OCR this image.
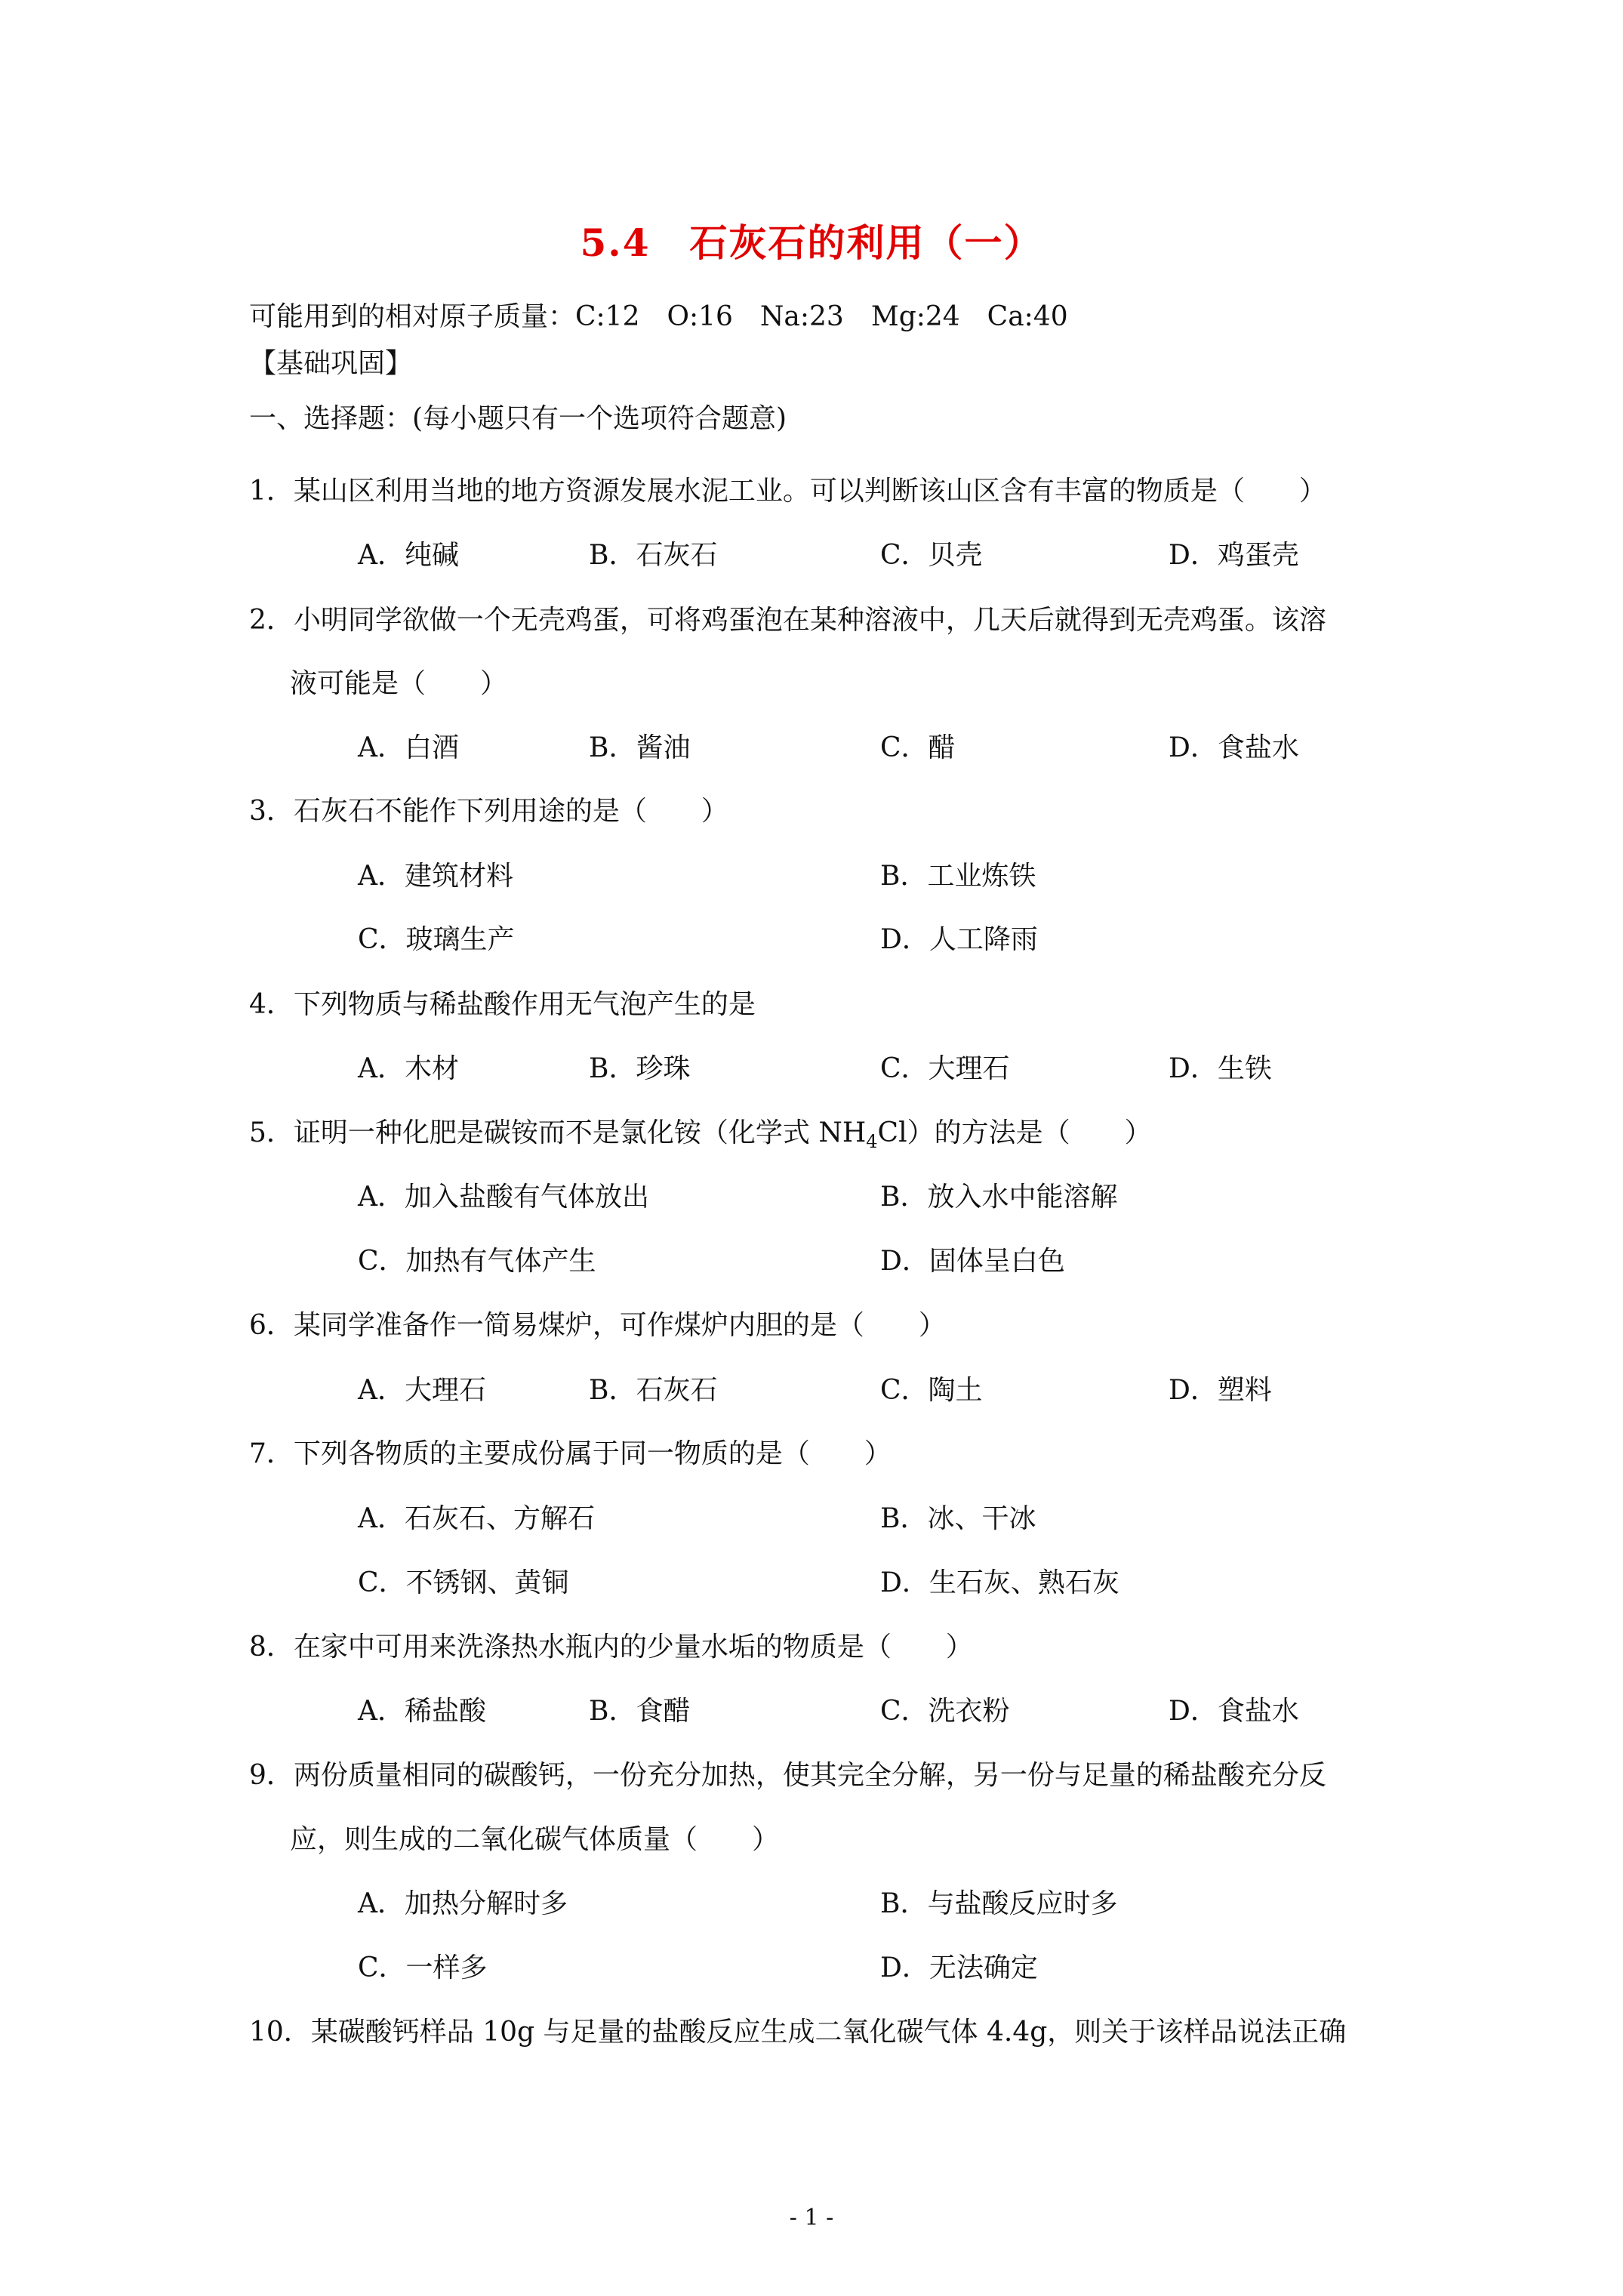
5.4　石灰石的利用（一）
可能用到的相对原子质量：C:12　O:16　Na:23　Mg:24　Ca:40
【基础巩固】
一、选择题：(每小题只有一个选项符合题意)
1．某山区利用当地的地方资源发展水泥工业。可以判断该山区含有丰富的物质是（　　）
A．纯碱	B．石灰石	C．贝壳	D．鸡蛋壳
2．小明同学欲做一个无壳鸡蛋，可将鸡蛋泡在某种溶液中，几天后就得到无壳鸡蛋。该溶
液可能是（　　）
A．白酒	B．酱油	C．醋	D．食盐水
3．石灰石不能作下列用途的是（　　）
A．建筑材料	B．工业炼铁
C．玻璃生产	D．人工降雨
4．下列物质与稀盐酸作用无气泡产生的是
A．木材	B．珍珠	C．大理石	D．生铁
5．证明一种化肥是碳铵而不是氯化铵（化学式 $NH_4Cl$）的方法是（　　）
A．加入盐酸有气体放出	B．放入水中能溶解
C．加热有气体产生	D．固体呈白色
6．某同学准备作一简易煤炉，可作煤炉内胆的是（　　）
A．大理石	B．石灰石	C．陶土	D．塑料
7．下列各物质的主要成份属于同一物质的是（　　）
A．石灰石、方解石	B．冰、干冰
C．不锈钢、黄铜	D．生石灰、熟石灰
8．在家中可用来洗涤热水瓶内的少量水垢的物质是（　　）
A．稀盐酸	B．食醋	C．洗衣粉	D．食盐水
9．两份质量相同的碳酸钙，一份充分加热，使其完全分解，另一份与足量的稀盐酸充分反
应，则生成的二氧化碳气体质量（　　）
A．加热分解时多	B．与盐酸反应时多
C．一样多	D．无法确定
10．某碳酸钙样品 10g 与足量的盐酸反应生成二氧化碳气体 4.4g，则关于该样品说法正确
- 1 -
